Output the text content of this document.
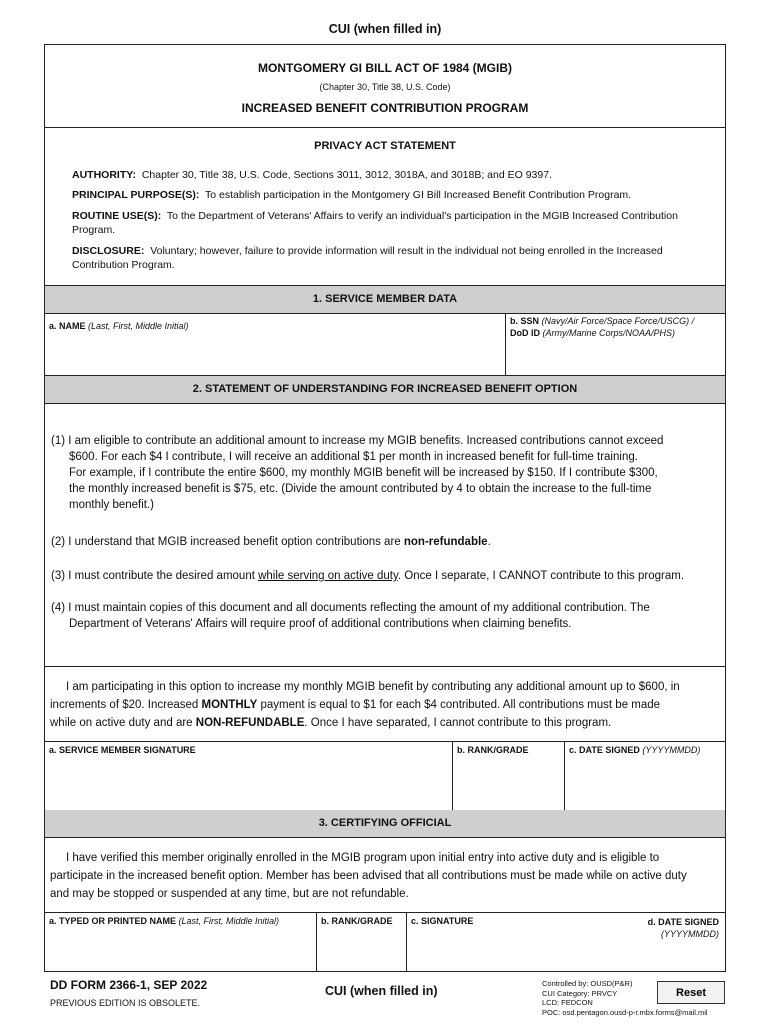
CUI (when filled in)
MONTGOMERY GI BILL ACT OF 1984 (MGIB)
(Chapter 30, Title 38, U.S. Code)
INCREASED BENEFIT CONTRIBUTION PROGRAM
PRIVACY ACT STATEMENT
AUTHORITY: Chapter 30, Title 38, U.S. Code, Sections 3011, 3012, 3018A, and 3018B; and EO 9397.
PRINCIPAL PURPOSE(S): To establish participation in the Montgomery GI Bill Increased Benefit Contribution Program.
ROUTINE USE(S): To the Department of Veterans' Affairs to verify an individual's participation in the MGIB Increased Contribution Program.
DISCLOSURE: Voluntary; however, failure to provide information will result in the individual not being enrolled in the Increased Contribution Program.
1. SERVICE MEMBER DATA
a. NAME (Last, First, Middle Initial)	b. SSN (Navy/Air Force/Space Force/USCG) /
DoD ID (Army/Marine Corps/NOAA/PHS)
2. STATEMENT OF UNDERSTANDING FOR INCREASED BENEFIT OPTION
(1) I am eligible to contribute an additional amount to increase my MGIB benefits. Increased contributions cannot exceed
$600. For each $4 I contribute, I will receive an additional $1 per month in increased benefit for full-time training.
For example, if I contribute the entire $600, my monthly MGIB benefit will be increased by $150. If I contribute $300,
the monthly increased benefit is $75, etc. (Divide the amount contributed by 4 to obtain the increase to the full-time
monthly benefit.)
(2) I understand that MGIB increased benefit option contributions are non-refundable.
(3) I must contribute the desired amount while serving on active duty. Once I separate, I CANNOT contribute to this program.
(4) I must maintain copies of this document and all documents reflecting the amount of my additional contribution. The
Department of Veterans' Affairs will require proof of additional contributions when claiming benefits.
I am participating in this option to increase my monthly MGIB benefit by contributing any additional amount up to $600, in
increments of $20. Increased MONTHLY payment is equal to $1 for each $4 contributed. All contributions must be made
while on active duty and are NON-REFUNDABLE. Once I have separated, I cannot contribute to this program.
a. SERVICE MEMBER SIGNATURE	b. RANK/GRADE	c. DATE SIGNED (YYYYMMDD)
3. CERTIFYING OFFICIAL
I have verified this member originally enrolled in the MGIB program upon initial entry into active duty and is eligible to
participate in the increased benefit option. Member has been advised that all contributions must be made while on active duty
and may be stopped or suspended at any time, but are not refundable.
a. TYPED OR PRINTED NAME (Last, First, Middle Initial)	b. RANK/GRADE c. SIGNATURE	d. DATE SIGNED
(YYYYMMDD)
DD FORM 2366-1, SEP 2022
PREVIOUS EDITION IS OBSOLETE.
CUI (when filled in)
Controlled by: OUSD(P&R)
CUI Category: PRVCY
LCD: FEDCON
POC: osd.pentagon.ousd-p-r.mbx.forms@mail.mil
Reset
